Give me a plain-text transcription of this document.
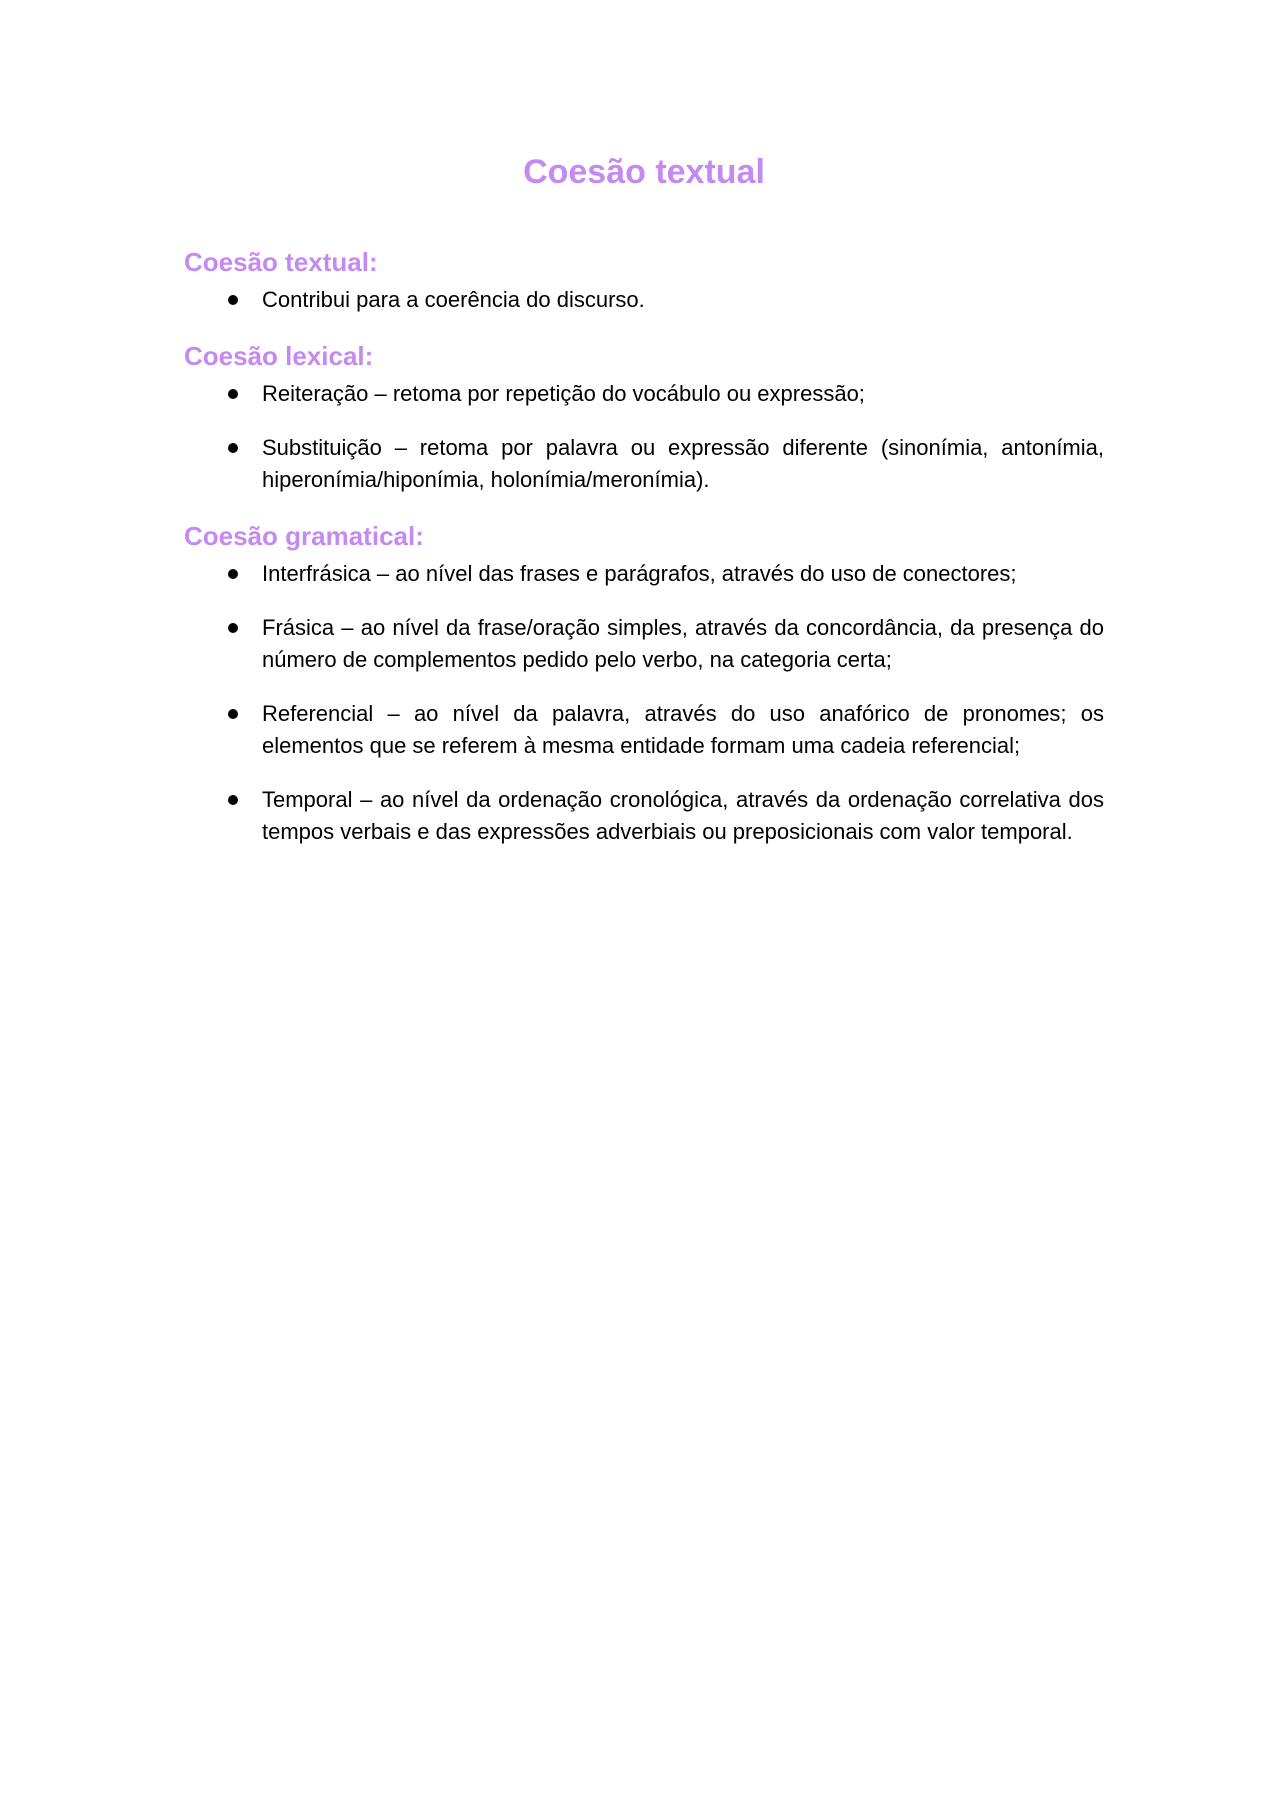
Coesão textual
Coesão textual:
Contribui para a coerência do discurso.
Coesão lexical:
Reiteração – retoma por repetição do vocábulo ou expressão;
Substituição – retoma por palavra ou expressão diferente (sinonímia, antonímia, hiperonímia/hiponímia, holonímia/meronímia).
Coesão gramatical:
Interfrásica – ao nível das frases e parágrafos, através do uso de conectores;
Frásica – ao nível da frase/oração simples, através da concordância, da presença do número de complementos pedido pelo verbo, na categoria certa;
Referencial – ao nível da palavra, através do uso anafórico de pronomes; os elementos que se referem à mesma entidade formam uma cadeia referencial;
Temporal – ao nível da ordenação cronológica, através da ordenação correlativa dos tempos verbais e das expressões adverbiais ou preposicionais com valor temporal.
